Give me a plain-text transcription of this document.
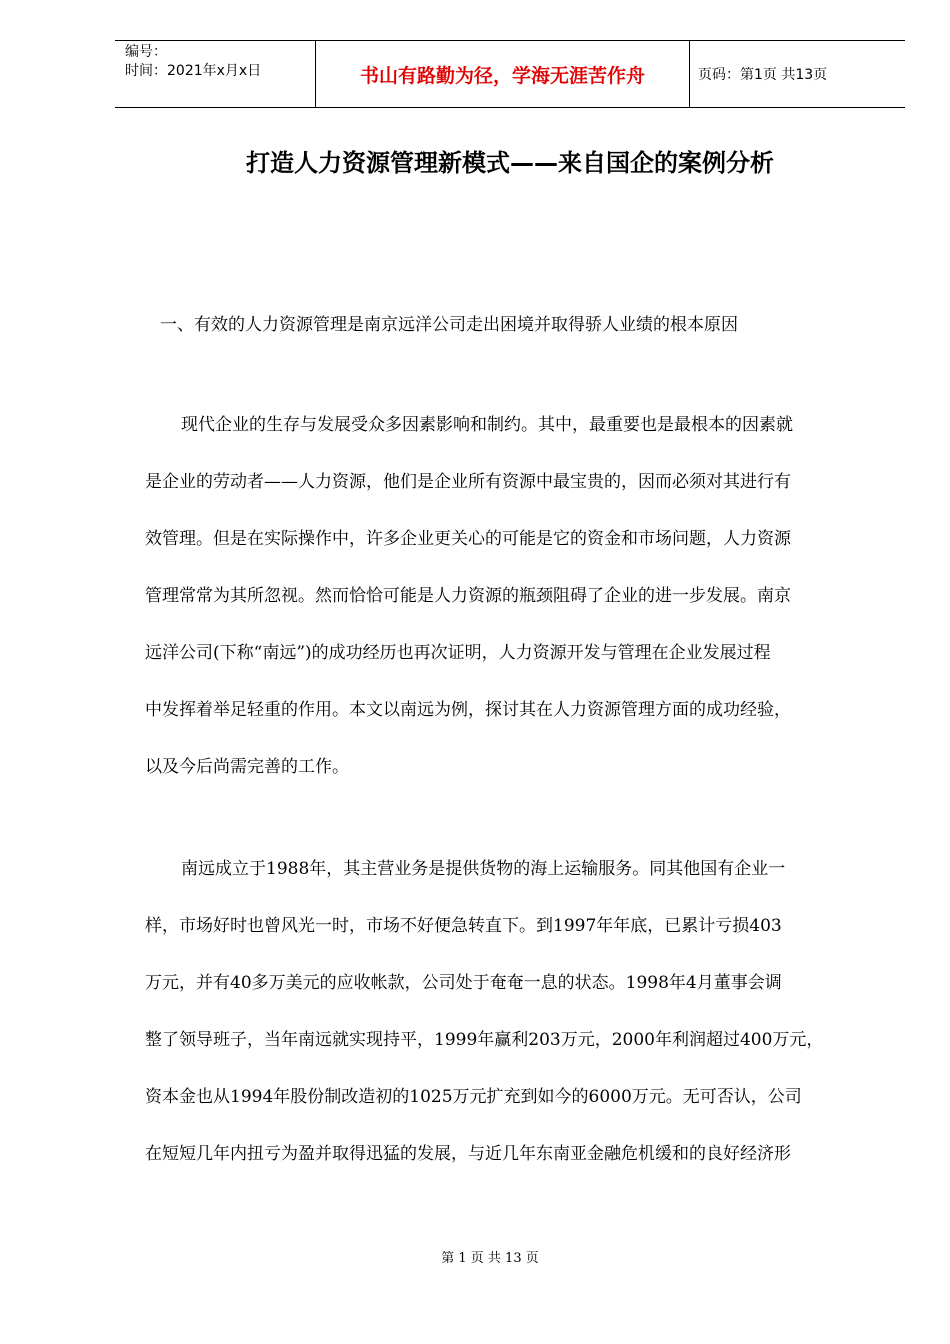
编号：
时间：2021年x月x日	书山有路勤为径，学海无涯苦作舟	页码：第1页 共13页
打造人力资源管理新模式——来自国企的案例分析
一、有效的人力资源管理是南京远洋公司走出困境并取得骄人业绩的根本原因
现代企业的生存与发展受众多因素影响和制约。其中，最重要也是最根本的因素就
是企业的劳动者——人力资源，他们是企业所有资源中最宝贵的，因而必须对其进行有
效管理。但是在实际操作中，许多企业更关心的可能是它的资金和市场问题，人力资源
管理常常为其所忽视。然而恰恰可能是人力资源的瓶颈阻碍了企业的进一步发展。南京
远洋公司(下称“南远”)的成功经历也再次证明，人力资源开发与管理在企业发展过程
中发挥着举足轻重的作用。本文以南远为例，探讨其在人力资源管理方面的成功经验，
以及今后尚需完善的工作。
南远成立于1988年，其主营业务是提供货物的海上运输服务。同其他国有企业一
样，市场好时也曾风光一时，市场不好便急转直下。到1997年年底，已累计亏损403
万元，并有40多万美元的应收帐款，公司处于奄奄一息的状态。1998年4月董事会调
整了领导班子，当年南远就实现持平，1999年赢利203万元，2000年利润超过400万元，
资本金也从1994年股份制改造初的1025万元扩充到如今的6000万元。无可否认，公司
在短短几年内扭亏为盈并取得迅猛的发展，与近几年东南亚金融危机缓和的良好经济形
第 1 页 共 13 页
